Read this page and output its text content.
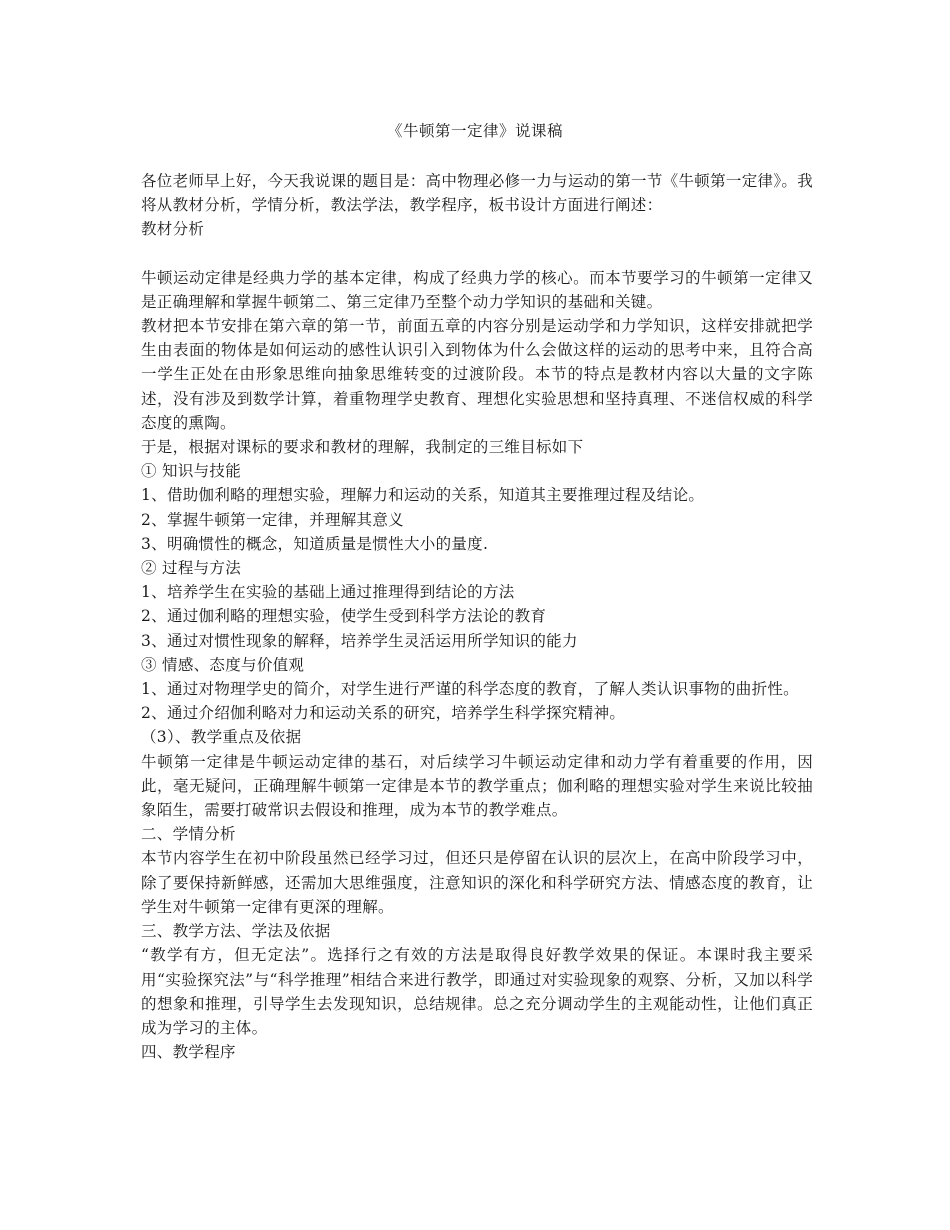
《牛顿第一定律》说课稿

各位老师早上好，今天我说课的题目是：高中物理必修一力与运动的第一节《牛顿第一定律》。我将从教材分析，学情分析，教法学法，教学程序，板书设计方面进行阐述：

教材分析

牛顿运动定律是经典力学的基本定律，构成了经典力学的核心。而本节要学习的牛顿第一定律又是正确理解和掌握牛顿第二、第三定律乃至整个动力学知识的基础和关键。

教材把本节安排在第六章的第一节，前面五章的内容分别是运动学和力学知识，这样安排就把学生由表面的物体是如何运动的感性认识引入到物体为什么会做这样的运动的思考中来，且符合高一学生正处在由形象思维向抽象思维转变的过渡阶段。本节的特点是教材内容以大量的文字陈述，没有涉及到数学计算，着重物理学史教育、理想化实验思想和坚持真理、不迷信权威的科学态度的熏陶。

于是，根据对课标的要求和教材的理解，我制定的三维目标如下

① 知识与技能

1、借助伽利略的理想实验，理解力和运动的关系，知道其主要推理过程及结论。

2、掌握牛顿第一定律，并理解其意义

3、明确惯性的概念，知道质量是惯性大小的量度.

② 过程与方法

1、培养学生在实验的基础上通过推理得到结论的方法

2、通过伽利略的理想实验，使学生受到科学方法论的教育

3、通过对惯性现象的解释，培养学生灵活运用所学知识的能力

③ 情感、态度与价值观

1、通过对物理学史的简介，对学生进行严谨的科学态度的教育，了解人类认识事物的曲折性。

2、通过介绍伽利略对力和运动关系的研究，培养学生科学探究精神。

（3）、教学重点及依据

牛顿第一定律是牛顿运动定律的基石，对后续学习牛顿运动定律和动力学有着重要的作用，因此，毫无疑问，正确理解牛顿第一定律是本节的教学重点；伽利略的理想实验对学生来说比较抽象陌生，需要打破常识去假设和推理，成为本节的教学难点。

二、学情分析

本节内容学生在初中阶段虽然已经学习过，但还只是停留在认识的层次上，在高中阶段学习中，除了要保持新鲜感，还需加大思维强度，注意知识的深化和科学研究方法、情感态度的教育，让学生对牛顿第一定律有更深的理解。

三、教学方法、学法及依据

“教学有方，但无定法”。选择行之有效的方法是取得良好教学效果的保证。本课时我主要采用“实验探究法”与“科学推理”相结合来进行教学，即通过对实验现象的观察、分析，又加以科学的想象和推理，引导学生去发现知识，总结规律。总之充分调动学生的主观能动性，让他们真正成为学习的主体。

四、教学程序
